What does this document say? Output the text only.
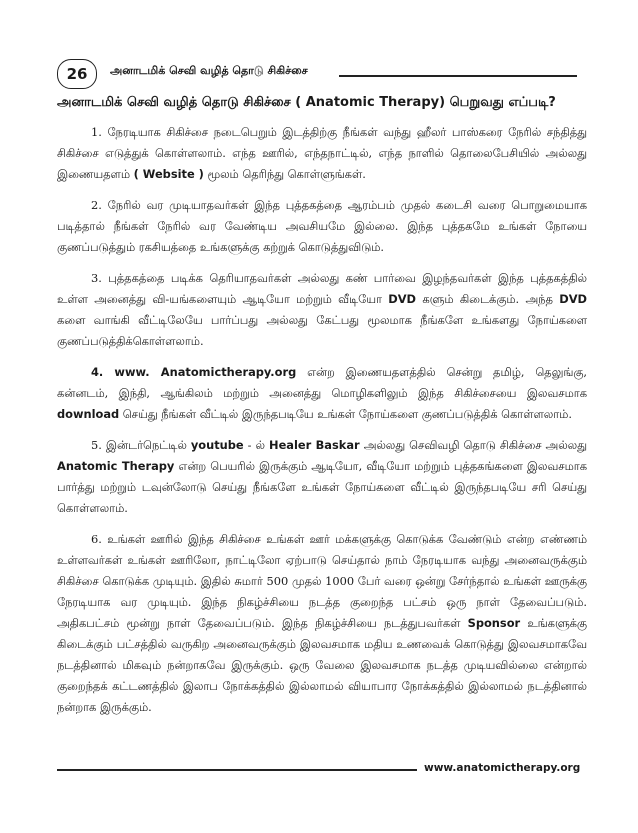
26	அனாடமிக் செவி வழித் தொடு சிகிச்சை
அனாடமிக் செவி வழித் தொடு சிகிச்சை ( Anatomic Therapy) பெறுவது எப்படி?

1. நேரடியாக சிகிச்சை நடைபெறும் இடத்திற்கு நீங்கள் வந்து ஹீலர் பாஸ்கரை நேரில் சந்தித்து சிகிச்சை எடுத்துக் கொள்ளலாம். எந்த ஊரில், எந்தநாட்டில், எந்த நாளில் தொலைபேசியில் அல்லது இணையதளம் ( Website ) மூலம் தெரிந்து கொள்ளுங்கள்.

2. நேரில் வர முடியாதவர்கள் இந்த புத்தகத்தை ஆரம்பம் முதல் கடைசி வரை பொறுமையாக படித்தால் நீங்கள் நேரில் வர வேண்டிய அவசியமே இல்லை. இந்த புத்தகமே உங்கள் நோயை குணப்படுத்தும் ரகசியத்தை உங்களுக்கு கற்றுக் கொடுத்துவிடும்.

3. புத்தகத்தை படிக்க தெரியாதவர்கள் அல்லது கண் பார்வை இழந்தவர்கள் இந்த புத்தகத்தில் உள்ள அனைத்து வி-யங்களையும் ஆடியோ மற்றும் வீடியோ DVD களும் கிடைக்கும். அந்த DVD களை வாங்கி வீட்டிலேயே பார்ப்பது அல்லது கேட்பது மூலமாக நீங்களே உங்களது நோய்களை குணப்படுத்திக்கொள்ளலாம்.

4. www. Anatomictherapy.org என்ற இணையதளத்தில் சென்று தமிழ், தெலுங்கு, கன்னடம், இந்தி, ஆங்கிலம் மற்றும் அனைத்து மொழிகளிலும் இந்த சிகிச்சையை இலவசமாக download செய்து நீங்கள் வீட்டில் இருந்தபடியே உங்கள் நோய்களை குணப்படுத்திக் கொள்ளலாம்.

5. இன்டர்நெட்டில் youtube - ல் Healer Baskar அல்லது செவிவழி தொடு சிகிச்சை அல்லது Anatomic Therapy என்ற பெயரில் இருக்கும் ஆடியோ, வீடியோ மற்றும் புத்தகங்களை இலவசமாக பார்த்து மற்றும் டவுன்லோடு செய்து நீங்களே உங்கள் நோய்களை வீட்டில் இருந்தபடியே சரி செய்து கொள்ளலாம்.

6. உங்கள் ஊரில் இந்த சிகிச்சை உங்கள் ஊர் மக்களுக்கு கொடுக்க வேண்டும் என்ற எண்ணம் உள்ளவர்கள் உங்கள் ஊரிலோ, நாட்டிலோ ஏற்பாடு செய்தால் நாம் நேரடியாக வந்து அனைவருக்கும் சிகிச்சை கொடுக்க முடியும். இதில் சுமார் 500 முதல் 1000 பேர் வரை ஒன்று சேர்ந்தால் உங்கள் ஊருக்கு நேரடியாக வர முடியும். இந்த நிகழ்ச்சியை நடத்த குறைந்த பட்சம் ஒரு நாள் தேவைப்படும். அதிகபட்சம் மூன்று நாள் தேவைப்படும். இந்த நிகழ்ச்சியை நடத்துபவர்கள் Sponsor உங்களுக்கு கிடைக்கும் பட்சத்தில் வருகிற அனைவருக்கும் இலவசமாக மதிய உணவைக் கொடுத்து இலவசமாகவே நடத்தினால் மிகவும் நன்றாகவே இருக்கும். ஒரு வேலை இலவசமாக நடத்த முடியவில்லை என்றால் குறைந்தக் கட்டணத்தில் இலாப நோக்கத்தில் இல்லாமல் வியாபார நோக்கத்தில் இல்லாமல் நடத்தினால் நன்றாக இருக்கும்.

www.anatomictherapy.org
